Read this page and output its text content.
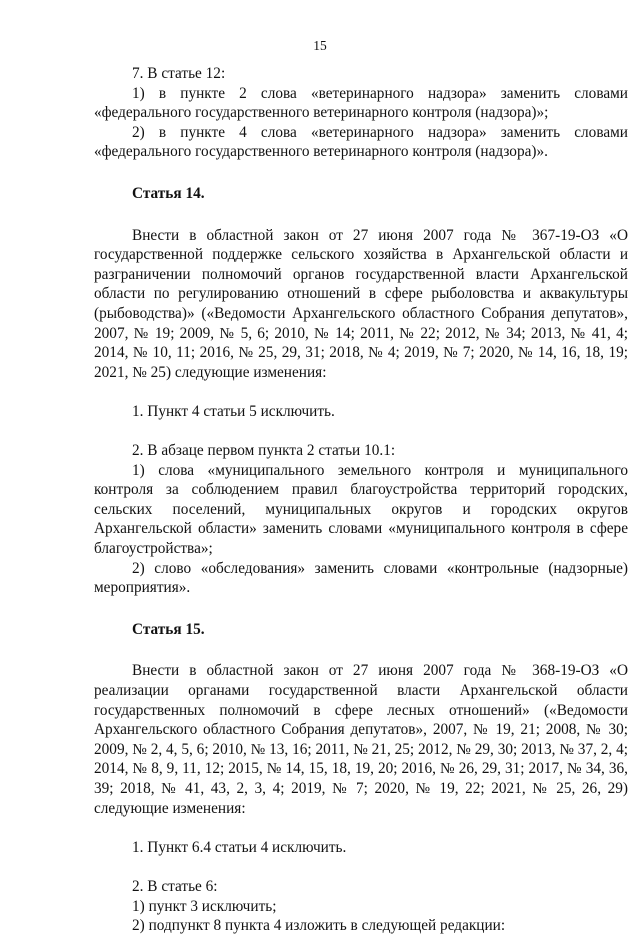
15

7. В статье 12:

1) в пункте 2 слова «ветеринарного надзора» заменить словами «федерального государственного ветеринарного контроля (надзора)»;

2) в пункте 4 слова «ветеринарного надзора» заменить словами «федерального государственного ветеринарного контроля (надзора)».

Статья 14.

Внести в областной закон от 27 июня 2007 года № 367-19-ОЗ «О государственной поддержке сельского хозяйства в Архангельской области и разграничении полномочий органов государственной власти Архангельской области по регулированию отношений в сфере рыболовства и аквакультуры (рыбоводства)» («Ведомости Архангельского областного Собрания депутатов», 2007, № 19; 2009, № 5, 6; 2010, № 14; 2011, № 22; 2012, № 34; 2013, № 41, 4; 2014, № 10, 11; 2016, № 25, 29, 31; 2018, № 4; 2019, № 7; 2020, № 14, 16, 18, 19; 2021, № 25) следующие изменения:

1. Пункт 4 статьи 5 исключить.

2. В абзаце первом пункта 2 статьи 10.1:

1) слова «муниципального земельного контроля и муниципального контроля за соблюдением правил благоустройства территорий городских, сельских поселений, муниципальных округов и городских округов Архангельской области» заменить словами «муниципального контроля в сфере благоустройства»;

2) слово «обследования» заменить словами «контрольные (надзорные) мероприятия».

Статья 15.

Внести в областной закон от 27 июня 2007 года № 368-19-ОЗ «О реализации органами государственной власти Архангельской области государственных полномочий в сфере лесных отношений» («Ведомости Архангельского областного Собрания депутатов», 2007, № 19, 21; 2008, № 30; 2009, № 2, 4, 5, 6; 2010, № 13, 16; 2011, № 21, 25; 2012, № 29, 30; 2013, № 37, 2, 4; 2014, № 8, 9, 11, 12; 2015, № 14, 15, 18, 19, 20; 2016, № 26, 29, 31; 2017, № 34, 36, 39; 2018, № 41, 43, 2, 3, 4; 2019, № 7; 2020, № 19, 22; 2021, № 25, 26, 29) следующие изменения:

1. Пункт 6.4 статьи 4 исключить.

2. В статье 6:

1) пункт 3 исключить;

2) подпункт 8 пункта 4 изложить в следующей редакции:
